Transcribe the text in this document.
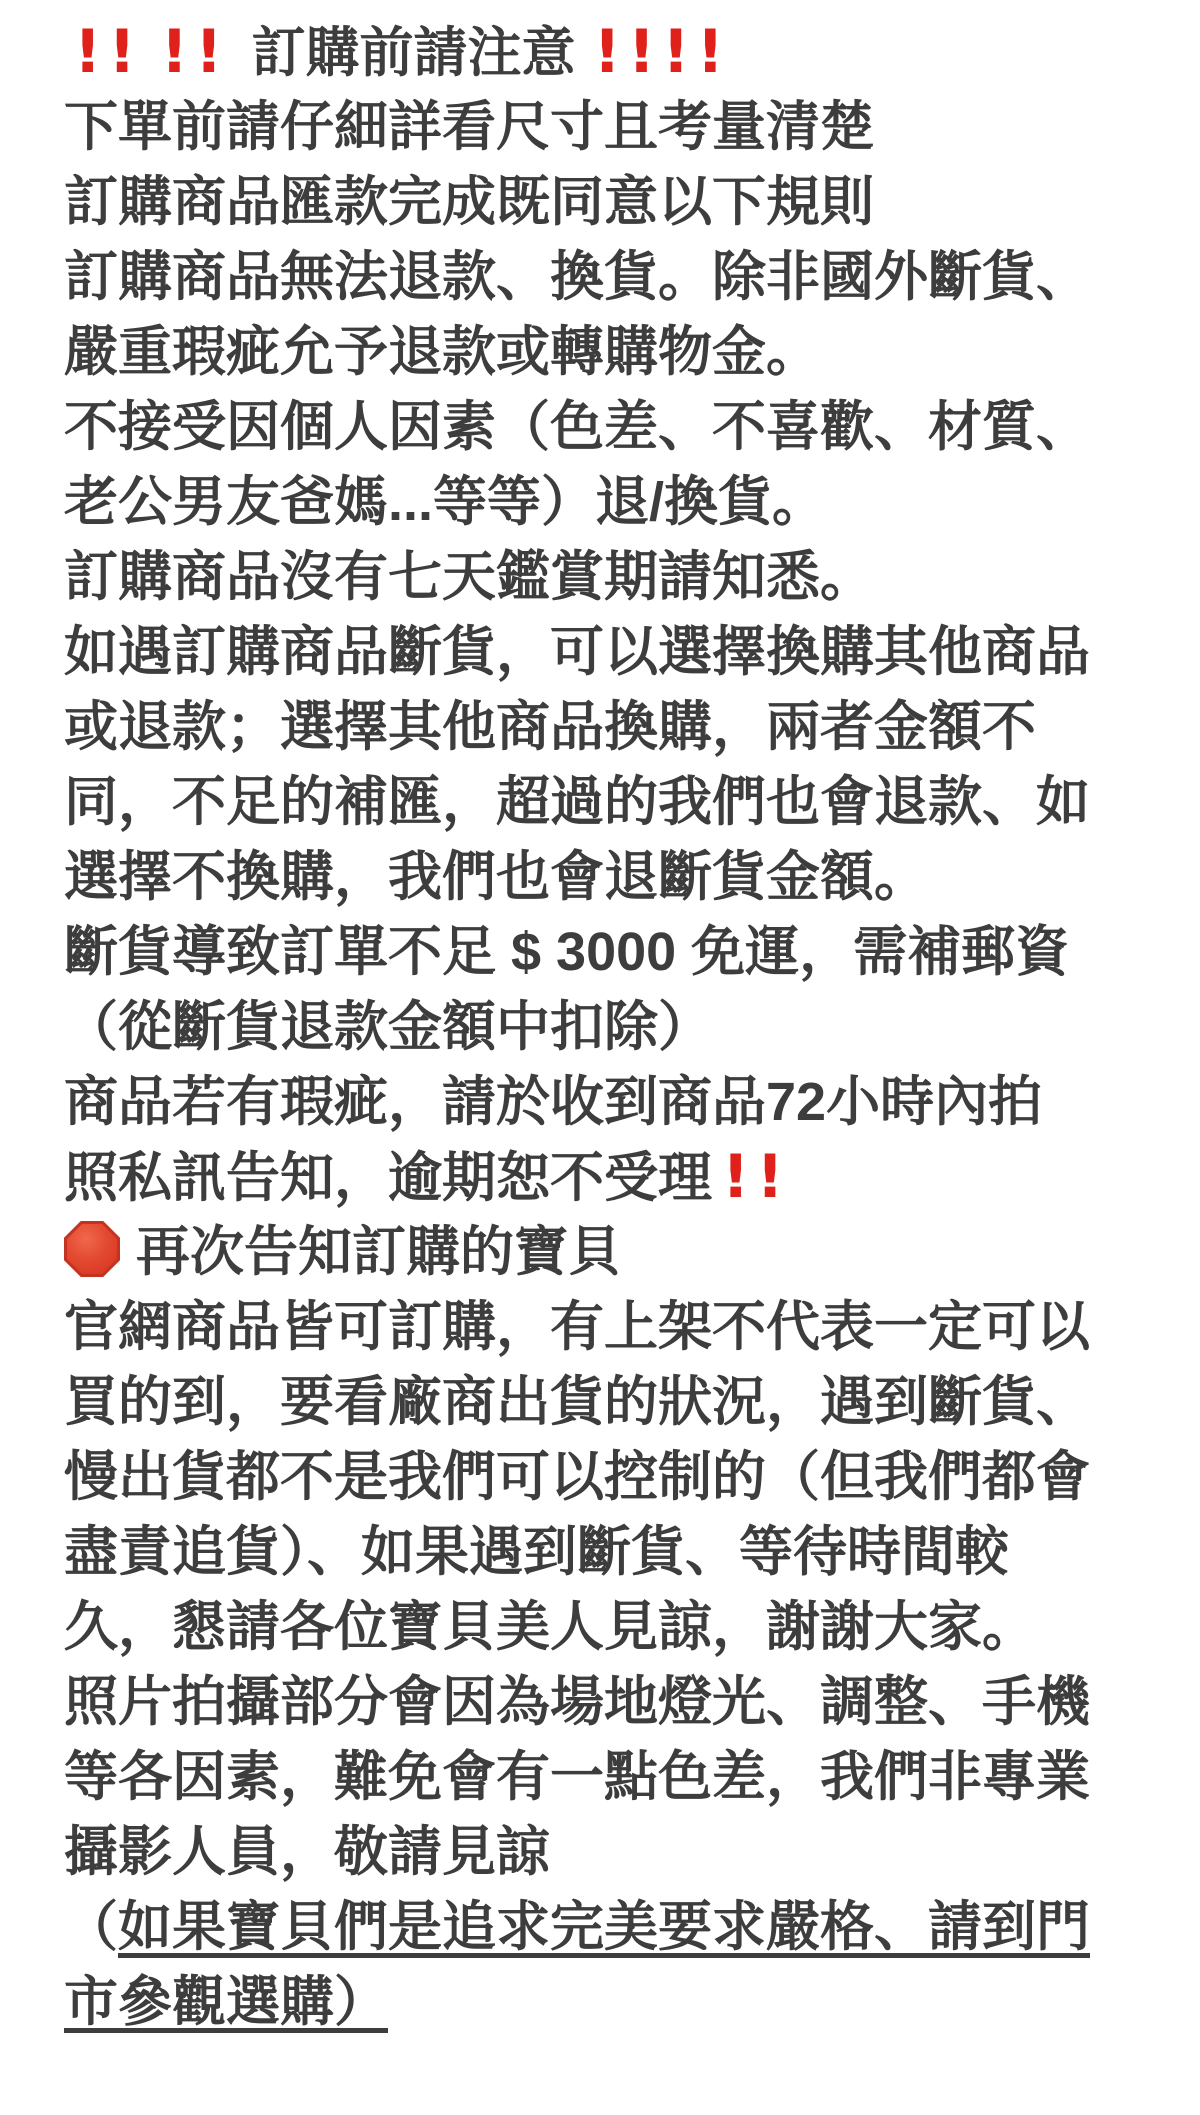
!! !! 訂購前請注意 !!!!
下單前請仔細詳看尺寸且考量清楚
訂購商品匯款完成既同意以下規則
訂購商品無法退款、換貨。除非國外斷貨、
嚴重瑕疵允予退款或轉購物金。
不接受因個人因素（色差、不喜歡、材質、
老公男友爸媽...等等）退/換貨。
訂購商品沒有七天鑑賞期請知悉。
如遇訂購商品斷貨，可以選擇換購其他商品
或退款；選擇其他商品換購，兩者金額不
同，不足的補匯，超過的我們也會退款、如
選擇不換購，我們也會退斷貨金額。
斷貨導致訂單不足 $ 3000 免運，需補郵資
（從斷貨退款金額中扣除）
商品若有瑕疵，請於收到商品72小時內拍
照私訊告知，逾期恕不受理 !!
再次告知訂購的寶貝
官網商品皆可訂購，有上架不代表一定可以
買的到，要看廠商出貨的狀況，遇到斷貨、
慢出貨都不是我們可以控制的（但我們都會
盡責追貨）、如果遇到斷貨、等待時間較
久，懇請各位寶貝美人見諒，謝謝大家。
照片拍攝部分會因為場地燈光、調整、手機
等各因素，難免會有一點色差，我們非專業
攝影人員，敬請見諒
（如果寶貝們是追求完美要求嚴格、請到門
市參觀選購）
